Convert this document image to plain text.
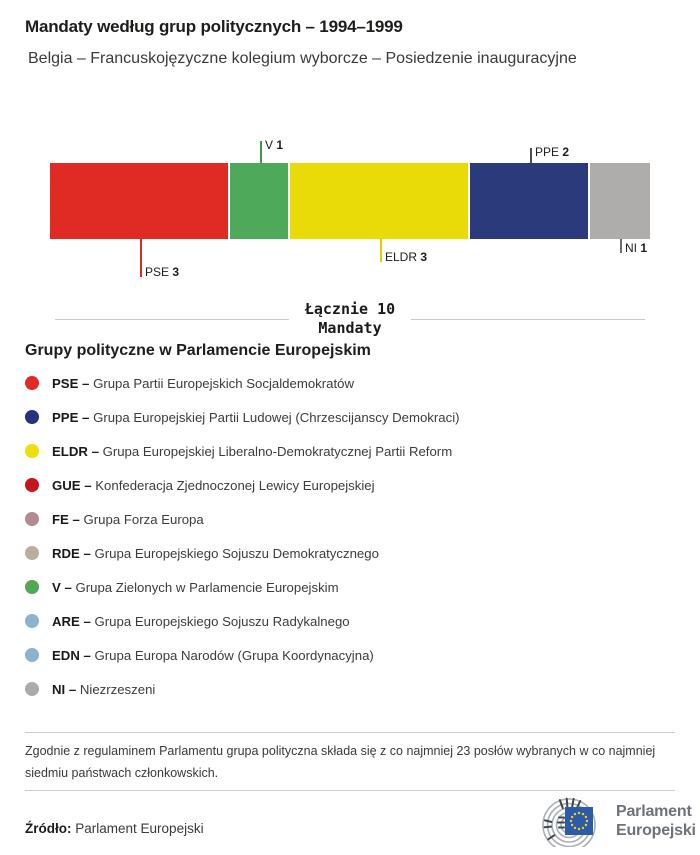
Mandaty według grup politycznych – 1994–1999
Belgia – Francuskojęzyczne kolegium wyborcze – Posiedzenie inauguracyjne
PSE 3
V 1
ELDR 3
PPE 2
NI 1
Łącznie 10
Mandaty
Grupy polityczne w Parlamencie Europejskim
PSE – Grupa Partii Europejskich Socjaldemokratów
PPE – Grupa Europejskiej Partii Ludowej (Chrzescijanscy Demokraci)
ELDR – Grupa Europejskiej Liberalno-Demokratycznej Partii Reform
GUE – Konfederacja Zjednoczonej Lewicy Europejskiej
FE – Grupa Forza Europa
RDE – Grupa Europejskiego Sojuszu Demokratycznego
V – Grupa Zielonych w Parlamencie Europejskim
ARE – Grupa Europejskiego Sojuszu Radykalnego
EDN – Grupa Europa Narodów (Grupa Koordynacyjna)
NI – Niezrzeszeni
Zgodnie z regulaminem Parlamentu grupa polityczna składa się z co najmniej 23 posłów wybranych w co najmniej siedmiu państwach członkowskich.
Źródło: Parlament Europejski
Parlament
Europejski
